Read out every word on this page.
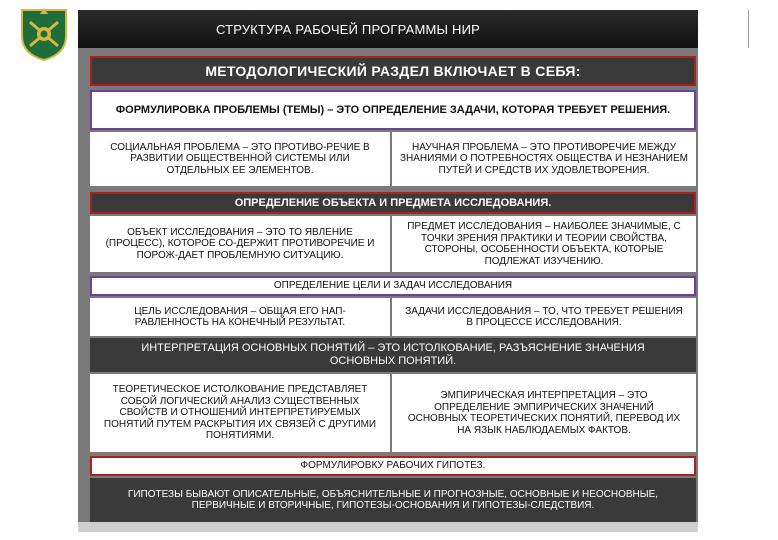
СТРУКТУРА РАБОЧЕЙ ПРОГРАММЫ НИР	7
МЕТОДОЛОГИЧЕСКИЙ РАЗДЕЛ ВКЛЮЧАЕТ В СЕБЯ:
ФОРМУЛИРОВКА ПРОБЛЕМЫ (ТЕМЫ) – ЭТО ОПРЕДЕЛЕНИЕ ЗАДАЧИ, КОТОРАЯ ТРЕБУЕТ РЕШЕНИЯ.
СОЦИАЛЬНАЯ ПРОБЛЕМА – ЭТО ПРОТИВО-РЕЧИЕ В РАЗВИТИИ ОБЩЕСТВЕННОЙ СИСТЕМЫ ИЛИ ОТДЕЛЬНЫХ ЕЕ ЭЛЕМЕНТОВ.
НАУЧНАЯ ПРОБЛЕМА – ЭТО ПРОТИВОРЕЧИЕ МЕЖДУ ЗНАНИЯМИ О ПОТРЕБНОСТЯХ ОБЩЕСТВА И НЕЗНАНИЕМ ПУТЕЙ И СРЕДСТВ ИХ УДОВЛЕТВОРЕНИЯ.
ОПРЕДЕЛЕНИЕ ОБЪЕКТА И ПРЕДМЕТА ИССЛЕДОВАНИЯ.
ОБЪЕКТ ИССЛЕДОВАНИЯ – ЭТО ТО ЯВЛЕНИЕ (ПРОЦЕСС), КОТОРОЕ СО-ДЕРЖИТ ПРОТИВОРЕЧИЕ И ПОРОЖ-ДАЕТ ПРОБЛЕМНУЮ СИТУАЦИЮ.
ПРЕДМЕТ ИССЛЕДОВАНИЯ – НАИБОЛЕЕ ЗНАЧИМЫЕ, С ТОЧКИ ЗРЕНИЯ ПРАКТИКИ И ТЕОРИИ СВОЙСТВА, СТОРОНЫ, ОСОБЕННОСТИ ОБЪЕКТА, КОТОРЫЕ ПОДЛЕЖАТ ИЗУЧЕНИЮ.
ОПРЕДЕЛЕНИЕ ЦЕЛИ И ЗАДАЧ ИССЛЕДОВАНИЯ
ЦЕЛЬ ИССЛЕДОВАНИЯ – ОБЩАЯ ЕГО НАП-РАВЛЕННОСТЬ НА КОНЕЧНЫЙ РЕЗУЛЬТАТ.
ЗАДАЧИ ИССЛЕДОВАНИЯ – ТО, ЧТО ТРЕБУЕТ РЕШЕНИЯ В ПРОЦЕССЕ ИССЛЕДОВАНИЯ.
ИНТЕРПРЕТАЦИЯ ОСНОВНЫХ ПОНЯТИЙ – ЭТО ИСТОЛКОВАНИЕ, РАЗЪЯСНЕНИЕ ЗНАЧЕНИЯ ОСНОВНЫХ ПОНЯТИЙ.
ТЕОРЕТИЧЕСКОЕ ИСТОЛКОВАНИЕ ПРЕДСТАВЛЯЕТ СОБОЙ ЛОГИЧЕСКИЙ АНАЛИЗ СУЩЕСТВЕННЫХ СВОЙСТВ И ОТНОШЕНИЙ ИНТЕРПРЕТИРУЕМЫХ ПОНЯТИЙ ПУТЕМ РАСКРЫТИЯ ИХ СВЯЗЕЙ С ДРУГИМИ ПОНЯТИЯМИ.
ЭМПИРИЧЕСКАЯ ИНТЕРПРЕТАЦИЯ – ЭТО ОПРЕДЕЛЕНИЕ ЭМПИРИЧЕСКИХ ЗНАЧЕНИЙ ОСНОВНЫХ ТЕОРЕТИЧЕСКИХ ПОНЯТИЙ, ПЕРЕВОД ИХ НА ЯЗЫК НАБЛЮДАЕМЫХ ФАКТОВ.
ФОРМУЛИРОВКУ РАБОЧИХ ГИПОТЕЗ.
ГИПОТЕЗЫ БЫВАЮТ ОПИСАТЕЛЬНЫЕ, ОБЪЯСНИТЕЛЬНЫЕ И ПРОГНОЗНЫЕ, ОСНОВНЫЕ И НЕОСНОВНЫЕ, ПЕРВИЧНЫЕ И ВТОРИЧНЫЕ, ГИПОТЕЗЫ-ОСНОВАНИЯ И ГИПОТЕЗЫ-СЛЕДСТВИЯ.
